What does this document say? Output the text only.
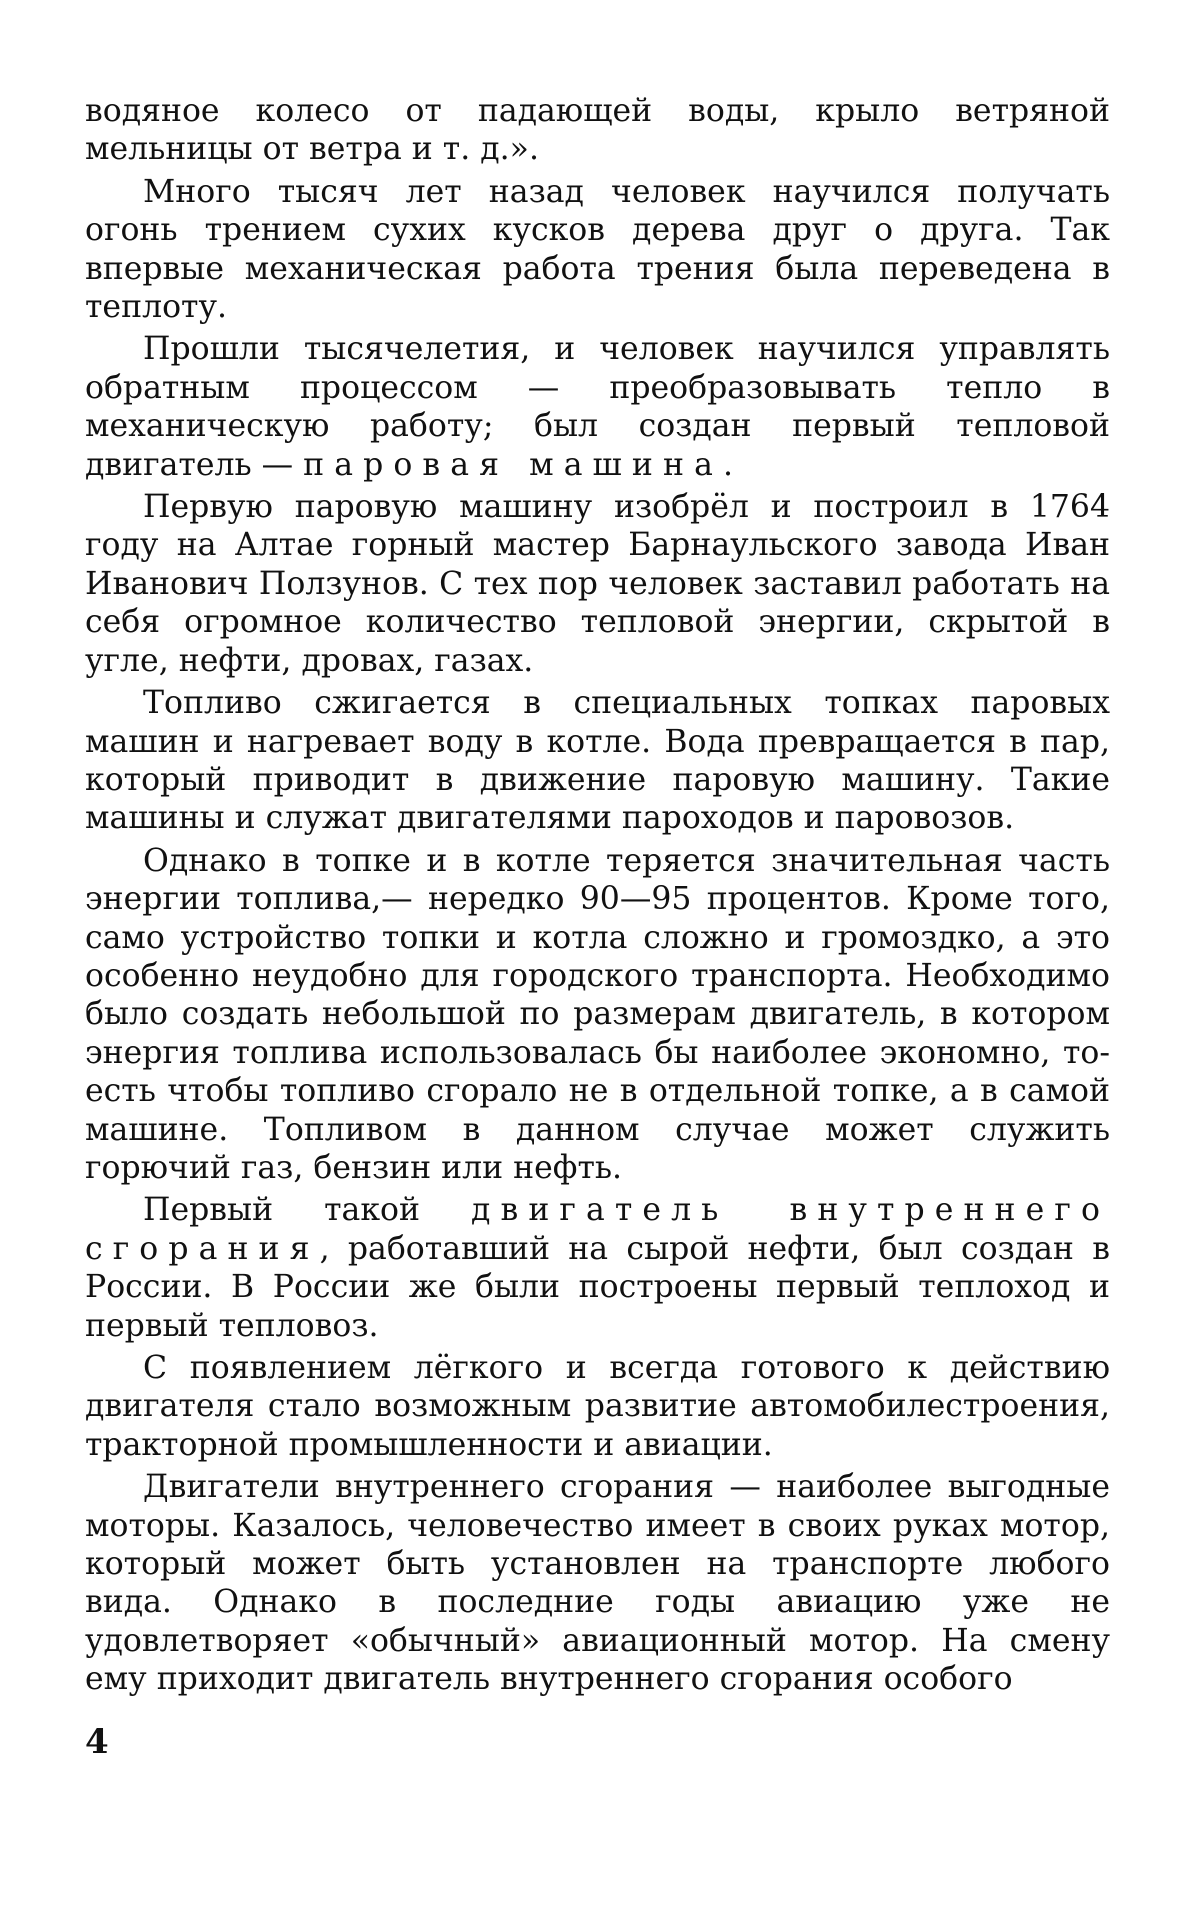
водяное колесо от падающей воды, крыло ветряной мельницы от ветра и т. д.».

Много тысяч лет назад человек научился получать огонь трением сухих кусков дерева друг о друга. Так впервые механическая работа трения была переведена в теплоту.

Прошли тысячелетия, и человек научился управлять обратным процессом — преобразовывать тепло в механическую работу; был создан первый тепловой двигатель — паровая машина.

Первую паровую машину изобрёл и построил в 1764 году на Алтае горный мастер Барнаульского завода Иван Иванович Ползунов. С тех пор человек заставил работать на себя огромное количество тепловой энергии, скрытой в угле, нефти, дровах, газах.

Топливо сжигается в специальных топках паровых машин и нагревает воду в котле. Вода превращается в пар, который приводит в движение паровую машину. Такие машины и служат двигателями пароходов и паровозов.

Однако в топке и в котле теряется значительная часть энергии топлива,— нередко 90—95 процентов. Кроме того, само устройство топки и котла сложно и громоздко, а это особенно неудобно для городского транспорта. Необходимо было создать небольшой по размерам двигатель, в котором энергия топлива использовалась бы наиболее экономно, то-есть чтобы топливо сгорало не в отдельной топке, а в самой машине. Топливом в данном случае может служить горючий газ, бензин или нефть.

Первый такой двигатель внутреннего сгорания, работавший на сырой нефти, был создан в России. В России же были построены первый теплоход и первый тепловоз.

С появлением лёгкого и всегда готового к действию двигателя стало возможным развитие автомобилестроения, тракторной промышленности и авиации.

Двигатели внутреннего сгорания — наиболее выгодные моторы. Казалось, человечество имеет в своих руках мотор, который может быть установлен на транспорте любого вида. Однако в последние годы авиацию уже не удовлетворяет «обычный» авиационный мотор. На смену ему приходит двигатель внутреннего сгорания особого

4
